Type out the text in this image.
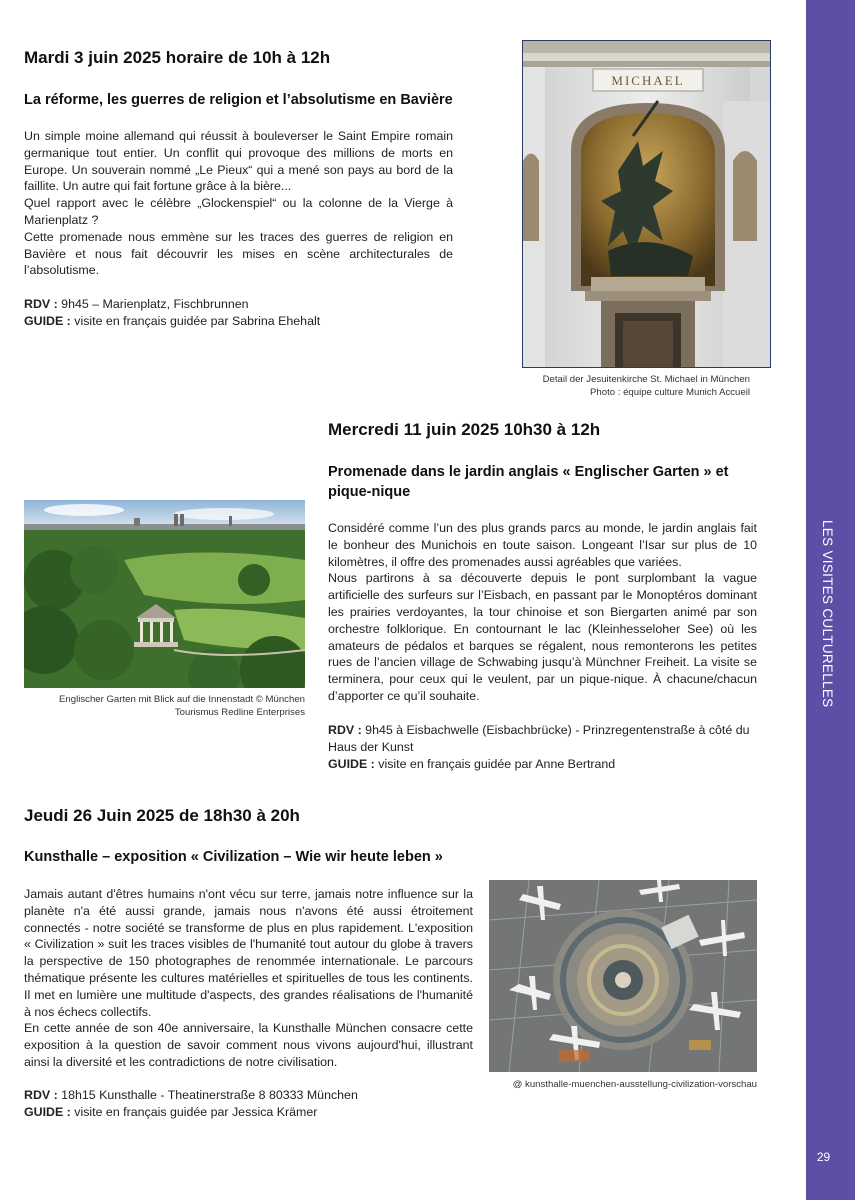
Mardi 3 juin 2025 horaire de 10h à 12h
La réforme, les guerres de religion et l’absolutisme en Bavière

Un simple moine allemand qui réussit à bouleverser le Saint Empire romain germanique tout entier. Un conflit qui provoque des millions de morts en Europe. Un souverain nommé „Le Pieux“ qui a mené son pays au bord de la faillite. Un autre qui fait fortune grâce à la bière...

Quel rapport avec le célèbre „Glockenspiel“ ou la colonne de la Vierge à Marienplatz ?

Cette promenade nous emmène sur les traces des guerres de religion en Bavière et nous fait découvrir les mises en scène architecturales de l’absolutisme.

RDV : 9h45 – Marienplatz, Fischbrunnen
GUIDE : visite en français guidée par Sabrina Ehehalt
MICHAEL
Detail der Jesuitenkirche St. Michael in München
Photo : équipe culture Munich Accueil
Mercredi 11 juin 2025 10h30 à 12h
Promenade dans le jardin anglais « Englischer Garten » et pique-nique

Considéré comme l’un des plus grands parcs au monde, le jardin anglais fait le bonheur des Munichois en toute saison. Longeant l’Isar sur plus de 10 kilomètres, il offre des promenades aussi agréables que variées.

Nous partirons à sa découverte depuis le pont surplombant la vague artificielle des surfeurs sur l’Eisbach, en passant par le Monoptéros dominant les prairies verdoyantes, la tour chinoise et son Biergarten animé par son orchestre folklorique. En contournant le lac (Kleinhesseloher See) où les amateurs de pédalos et barques se régalent, nous remonterons les petites rues de l’ancien village de Schwabing jusqu’à Münchner Freiheit. La visite se terminera, pour ceux qui le veulent, par un pique-nique. À chacune/chacun d’apporter ce qu’il souhaite.

RDV : 9h45 à Eisbachwelle (Eisbachbrücke) - Prinzregentenstraße à côté du Haus der Kunst
GUIDE : visite en français guidée par Anne Bertrand
Englischer Garten mit Blick auf die Innenstadt © München
Tourismus Redline Enterprises
Jeudi 26 Juin 2025 de 18h30 à 20h
Kunsthalle – exposition « Civilization – Wie wir heute leben »

Jamais autant d'êtres humains n'ont vécu sur terre, jamais notre influence sur la planète n'a été aussi grande, jamais nous n'avons été aussi étroitement connectés - notre société se transforme de plus en plus rapidement. L'exposition « Civilization » suit les traces visibles de l'humanité tout autour du globe à travers la perspective de 150 photographes de renommée internationale. Le parcours thématique présente les cultures matérielles et spirituelles de tous les continents. Il met en lumière une multitude d'aspects, des grandes réalisations de l'humanité à nos échecs collectifs.

En cette année de son 40e anniversaire, la Kunsthalle München consacre cette exposition à la question de savoir comment nous vivons aujourd'hui, illustrant ainsi la diversité et les contradictions de notre civilisation.

RDV : 18h15 Kunsthalle - Theatinerstraße 8 80333 München
GUIDE : visite en français guidée par Jessica Krämer
@ kunsthalle-muenchen-ausstellung-civilization-vorschau
LES VISITES CULTURELLES
29
